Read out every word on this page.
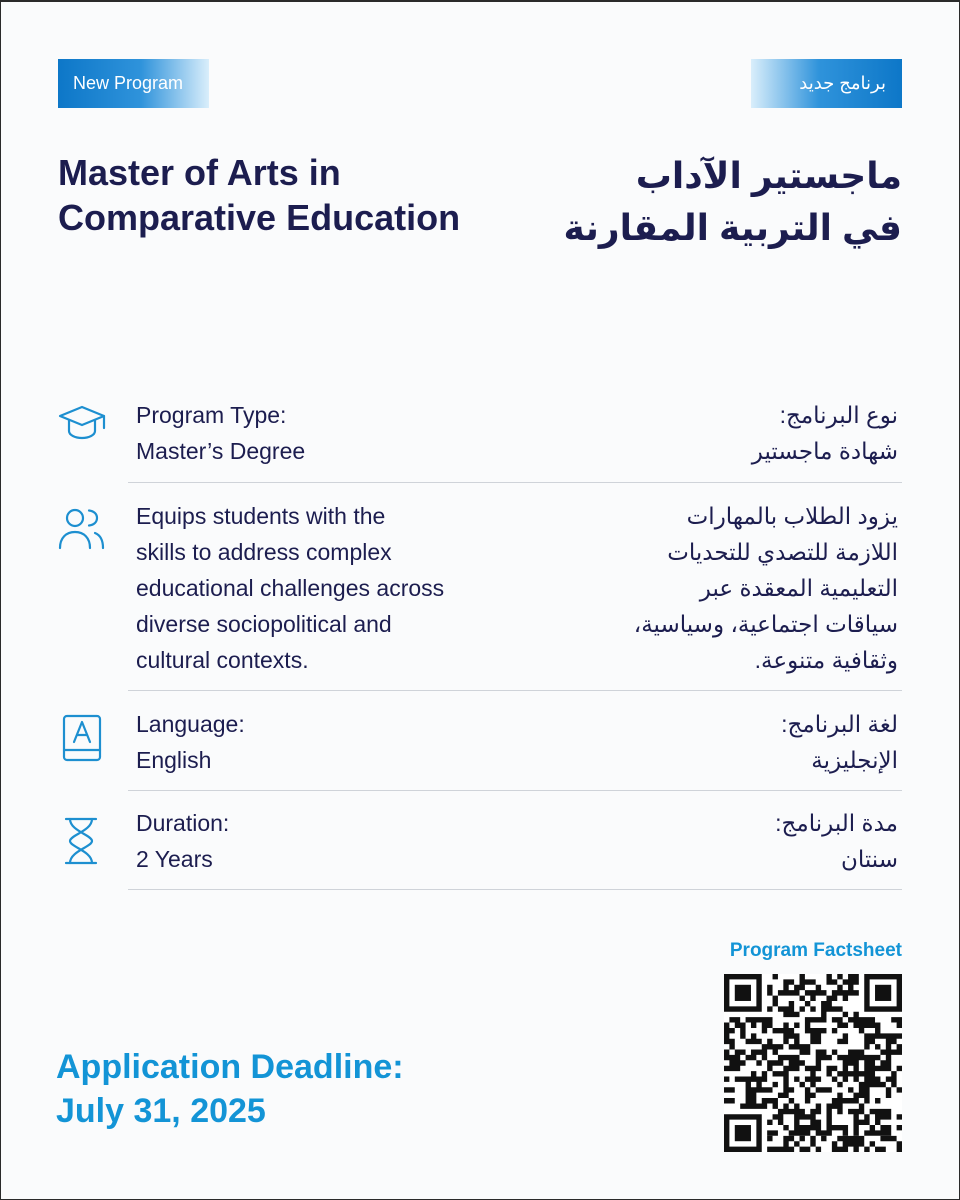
New Program	برنامج جديد
Master of Arts in
Comparative Education
ماجستير الآداب
في التربية المقارنة
Program Type:
Master’s Degree
نوع البرنامج:
شهادة ماجستير
Equips students with the
skills to address complex
educational challenges across
diverse sociopolitical and
cultural contexts.
يزود الطلاب بالمهارات
اللازمة للتصدي للتحديات
التعليمية المعقدة عبر
سياقات اجتماعية، وسياسية،
وثقافية متنوعة.
Language:
English
لغة البرنامج:
الإنجليزية
Duration:
2 Years
مدة البرنامج:
سنتان
Application Deadline:
July 31, 2025
Program Factsheet
